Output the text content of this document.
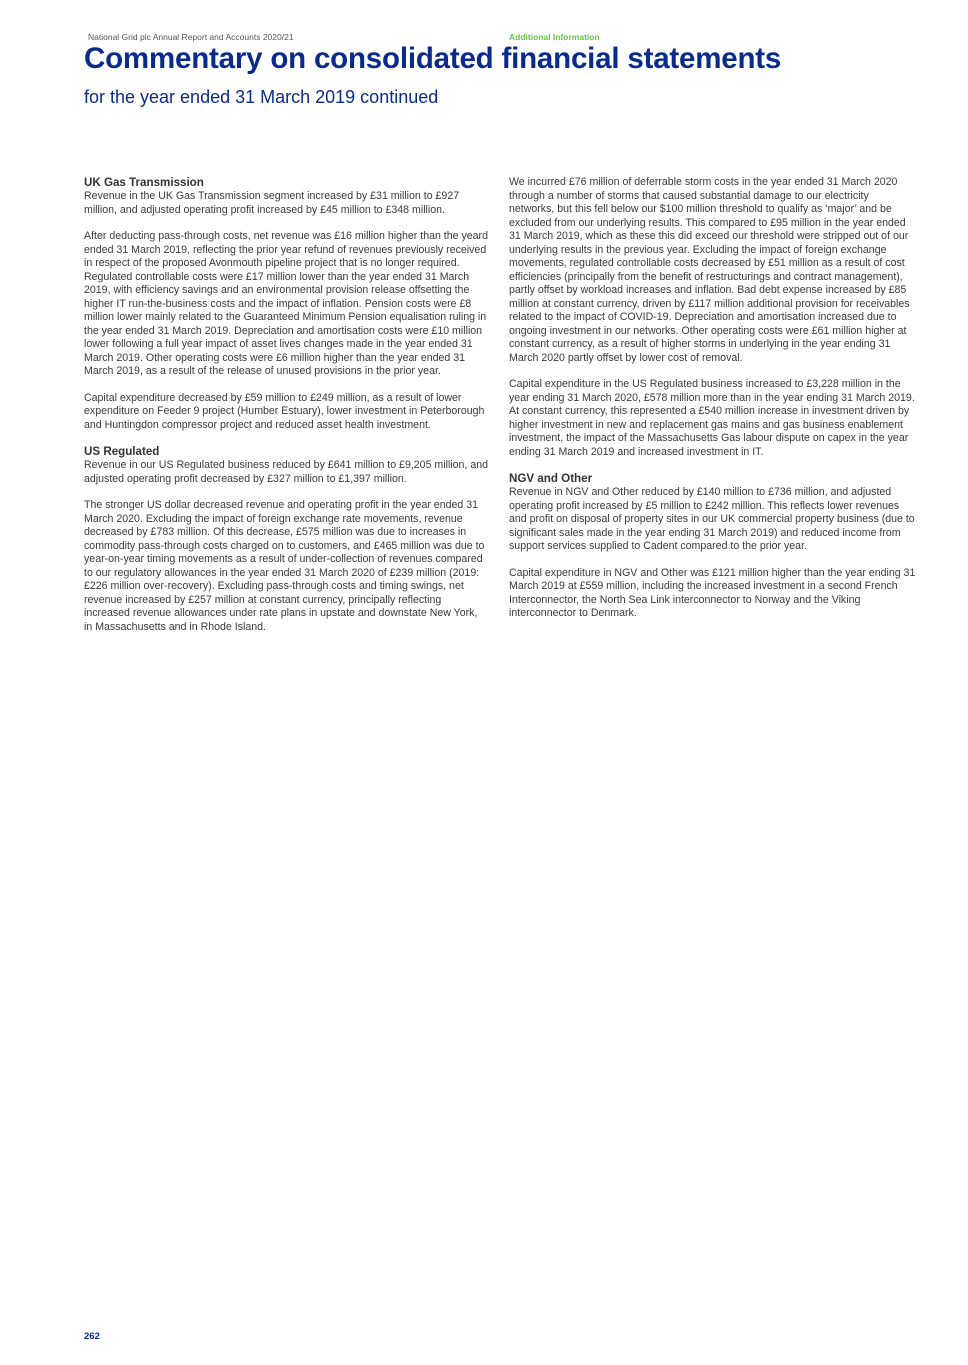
National Grid plc Annual Report and Accounts 2020/21	Additional Information
Commentary on consolidated financial statements
for the year ended 31 March 2019 continued
UK Gas Transmission

Revenue in the UK Gas Transmission segment increased by £31 million to £927 million, and adjusted operating profit increased by £45 million to £348 million.

After deducting pass-through costs, net revenue was £16 million higher than the yeard ended 31 March 2019, reflecting the prior year refund of revenues previously received in respect of the proposed Avonmouth pipeline project that is no longer required. Regulated controllable costs were £17 million lower than the year ended 31 March 2019, with efficiency savings and an environmental provision release offsetting the higher IT run-the-business costs and the impact of inflation. Pension costs were £8 million lower mainly related to the Guaranteed Minimum Pension equalisation ruling in the year ended 31 March 2019. Depreciation and amortisation costs were £10 million lower following a full year impact of asset lives changes made in the year ended 31 March 2019. Other operating costs were £6 million higher than the year ended 31 March 2019, as a result of the release of unused provisions in the prior year.

Capital expenditure decreased by £59 million to £249 million, as a result of lower expenditure on Feeder 9 project (Humber Estuary), lower investment in Peterborough and Huntingdon compressor project and reduced asset health investment.

US Regulated

Revenue in our US Regulated business reduced by £641 million to £9,205 million, and adjusted operating profit decreased by £327 million to £1,397 million.

The stronger US dollar decreased revenue and operating profit in the year ended 31 March 2020. Excluding the impact of foreign exchange rate movements, revenue decreased by £783 million. Of this decrease, £575 million was due to increases in commodity pass-through costs charged on to customers, and £465 million was due to year-on-year timing movements as a result of under-collection of revenues compared to our regulatory allowances in the year ended 31 March 2020 of £239 million (2019: £226 million over-recovery). Excluding pass-through costs and timing swings, net revenue increased by £257 million at constant currency, principally reflecting increased revenue allowances under rate plans in upstate and downstate New York, in Massachusetts and in Rhode Island.

We incurred £76 million of deferrable storm costs in the year ended 31 March 2020 through a number of storms that caused substantial damage to our electricity networks, but this fell below our $100 million threshold to qualify as ‘major’ and be excluded from our underlying results. This compared to £95 million in the year ended 31 March 2019, which as these this did exceed our threshold were stripped out of our underlying results in the previous year. Excluding the impact of foreign exchange movements, regulated controllable costs decreased by £51 million as a result of cost efficiencies (principally from the benefit of restructurings and contract management), partly offset by workload increases and inflation. Bad debt expense increased by £85 million at constant currency, driven by £117 million additional provision for receivables related to the impact of COVID-19. Depreciation and amortisation increased due to ongoing investment in our networks. Other operating costs were £61 million higher at constant currency, as a result of higher storms in underlying in the year ending 31 March 2020 partly offset by lower cost of removal.

Capital expenditure in the US Regulated business increased to £3,228 million in the year ending 31 March 2020, £578 million more than in the year ending 31 March 2019. At constant currency, this represented a £540 million increase in investment driven by higher investment in new and replacement gas mains and gas business enablement investment, the impact of the Massachusetts Gas labour dispute on capex in the year ending 31 March 2019 and increased investment in IT.

NGV and Other

Revenue in NGV and Other reduced by £140 million to £736 million, and adjusted operating profit increased by £5 million to £242 million. This reflects lower revenues and profit on disposal of property sites in our UK commercial property business (due to significant sales made in the year ending 31 March 2019) and reduced income from support services supplied to Cadent compared to the prior year.

Capital expenditure in NGV and Other was £121 million higher than the year ending 31 March 2019 at £559 million, including the increased investment in a second French Interconnector, the North Sea Link interconnector to Norway and the Viking interconnector to Denmark.

262
